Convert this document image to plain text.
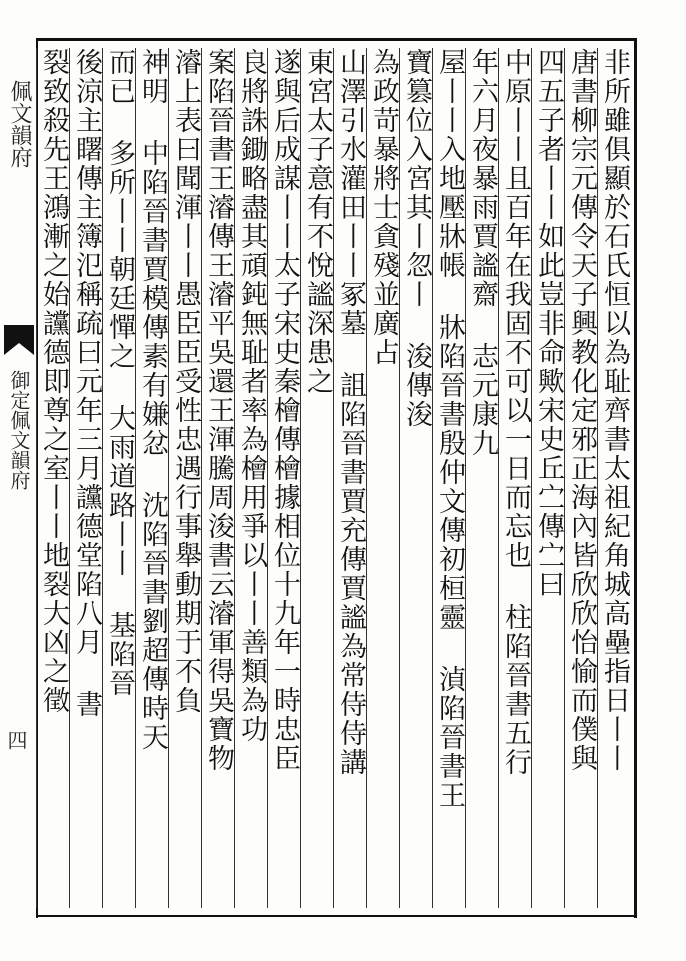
佩文韻府
御定佩文韻府
四	非所雖俱顯於石氏恒以為耻齊書太祖紀角城高壘指日丨丨
唐書柳宗元傳令天子興教化定邪正海內皆欣欣怡愉而僕與
四五子者丨丨如此豈非命歟宋史丘㝉傳㝉曰
中原丨丨且百年在我固不可以一日而忘也 柱陷晉書五行
年六月夜暴雨賈謐齋 志元康九
屋丨丨入地壓牀帳 牀陷晉書殷仲文傳初桓靈 湞陷晉書王
寶篡位入宮其丨忽丨 浚傳浚
為政苛暴將士貪殘並廣占
山澤引水灌田丨丨冢墓 詛陷晉書賈充傳賈謐為常侍侍講
東宮太子意有不悅謐深患之
遂與后成謀丨丨太子宋史秦檜傳檜據相位十九年一時忠臣
良將誅鋤略盡其頑鈍無耻者率為檜用爭以丨丨善類為功
案陷晉書王濬傳王濬平吳還王渾騰周浚書云濬軍得吳寶物
濬上表曰聞渾丨丨愚臣臣受性忠遇行事舉動期于不負
神明 中陷晉書賈模傳素有嫌忿 沈陷晉書劉超傳時天
而已 多所丨丨朝廷憚之 大雨道路丨丨 基陷晉
後涼主𥌓傳主簿氾稱疏曰元年三月讜德堂陷八月 書
裂致殺先王鴻漸之始讜德即尊之室丨丨地裂大凶之徵
